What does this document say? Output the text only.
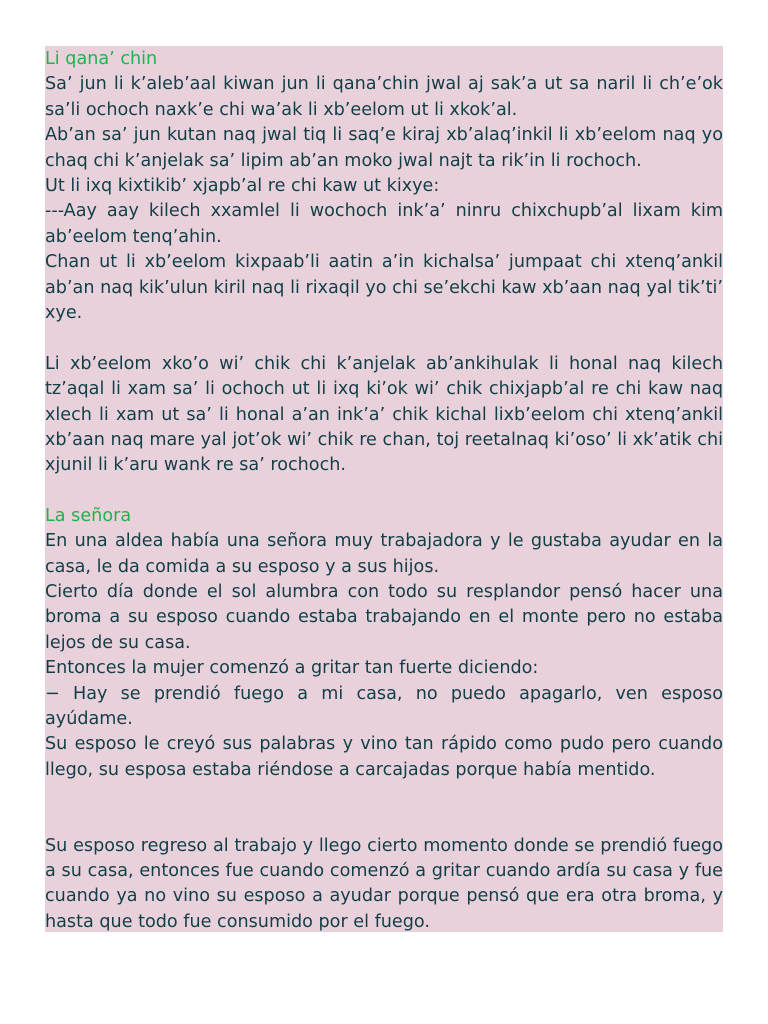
Li qana’ chin

Sa’ jun li k’aleb’aal kiwan jun li qana’chin jwal aj sak’a ut sa naril li ch’e’ok sa’li ochoch naxk’e chi wa’ak li xb’eelom ut li xkok’al.

Ab’an sa’ jun kutan naq jwal tiq li saq’e kiraj xb’alaq’inkil li xb’eelom naq yo chaq chi k’anjelak sa’ lipim ab’an moko jwal najt ta rik’in li rochoch.

Ut li ixq kixtikib’ xjapb’al re chi kaw ut kixye:

---Aay aay kilech xxamlel li wochoch ink’a’ ninru chixchupb’al lixam kim ab’eelom tenq’ahin.

Chan ut li xb’eelom kixpaab’li aatin a’in kichalsa’ jumpaat chi xtenq’ankil ab’an naq kik’ulun kiril naq li rixaqil yo chi se’ekchi kaw xb’aan naq yal tik’ti’ xye.

Li xb’eelom xko’o wi’ chik chi k’anjelak ab’ankihulak li honal naq kilech tz’aqal li xam sa’ li ochoch ut li ixq ki’ok wi’ chik chixjapb’al re chi kaw naq xlech li xam ut sa’ li honal a’an ink’a’ chik kichal lixb’eelom chi xtenq’ankil xb’aan naq mare yal jot’ok wi’ chik re chan, toj reetalnaq ki’oso’ li xk’atik chi xjunil li k’aru wank re sa’ rochoch.

La señora

En una aldea había una señora muy trabajadora y le gustaba ayudar en la casa, le da comida a su esposo y a sus hijos.

Cierto día donde el sol alumbra con todo su resplandor pensó hacer una broma a su esposo cuando estaba trabajando en el monte pero no estaba lejos de su casa.

Entonces la mujer comenzó a gritar tan fuerte diciendo:

− Hay se prendió fuego a mi casa, no puedo apagarlo, ven esposo ayúdame.

Su esposo le creyó sus palabras y vino tan rápido como pudo pero cuando llego, su esposa estaba riéndose a carcajadas porque había mentido.

Su esposo regreso al trabajo y llego cierto momento donde se prendió fuego a su casa, entonces fue cuando comenzó a gritar cuando ardía su casa y fue cuando ya no vino su esposo a ayudar porque pensó que era otra broma, y hasta que todo fue consumido por el fuego.
